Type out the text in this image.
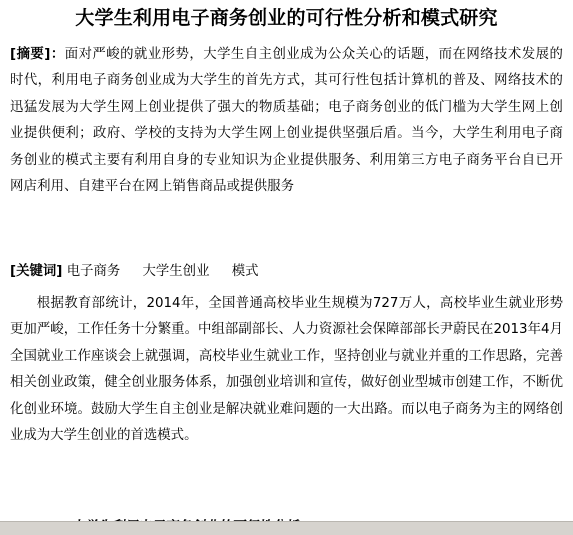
大学生利用电子商务创业的可行性分析和模式研究
[摘要]：面对严峻的就业形势，大学生自主创业成为公众关心的话题，而在网络技术发展的时代，利用电子商务创业成为大学生的首先方式，其可行性包括计算机的普及、网络技术的迅猛发展为大学生网上创业提供了强大的物质基础；电子商务创业的低门槛为大学生网上创业提供便利；政府、学校的支持为大学生网上创业提供坚强后盾。当今，大学生利用电子商务创业的模式主要有利用自身的专业知识为企业提供服务、利用第三方电子商务平台自已开网店利用、自建平台在网上销售商品或提供服务
[关键词] 电子商务 大学生创业 模式
根据教育部统计，2014年，全国普通高校毕业生规模为727万人，高校毕业生就业形势更加严峻，工作任务十分繁重。中组部副部长、人力资源社会保障部部长尹蔚民在2013年4月全国就业工作座谈会上就强调，高校毕业生就业工作，坚持创业与就业并重的工作思路，完善相关创业政策，健全创业服务体系，加强创业培训和宣传，做好创业型城市创建工作，不断优化创业环境。鼓励大学生自主创业是解决就业难问题的一大出路。而以电子商务为主的网络创业成为大学生创业的首选模式。
